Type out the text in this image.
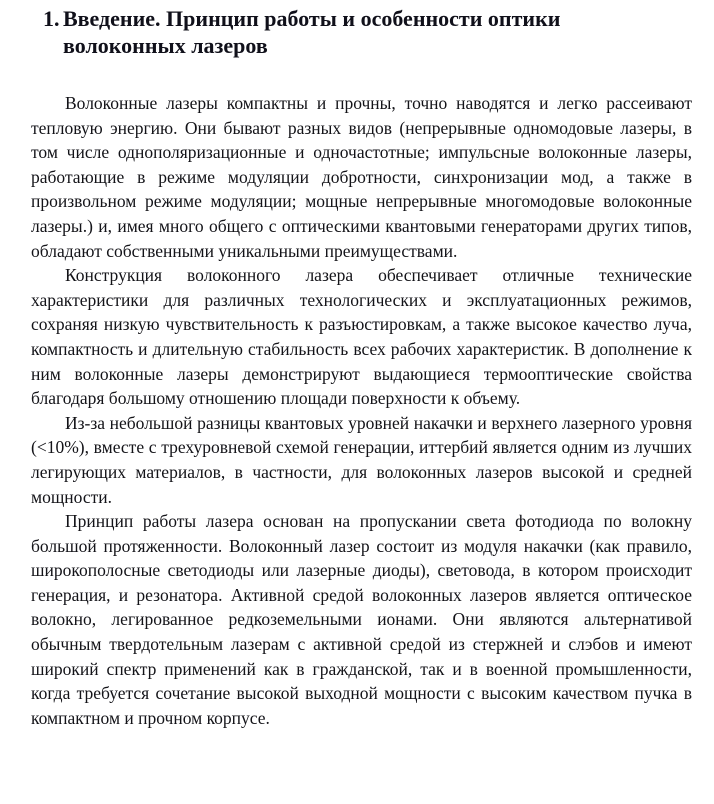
1. Введение. Принцип работы и особенности оптики
волоконных лазеров

Волоконные лазеры компактны и прочны, точно наводятся и легко рассеивают тепловую энергию. Они бывают разных видов (непрерывные одномодовые лазеры, в том числе однополяризационные и одночастотные; импульсные волоконные лазеры, работающие в режиме модуляции добротности, синхронизации мод, а также в произвольном режиме модуляции; мощные непрерывные многомодовые волоконные лазеры.) и, имея много общего с оптическими квантовыми генераторами других типов, обладают собственными уникальными преимуществами.

Конструкция волоконного лазера обеспечивает отличные технические характеристики для различных технологических и эксплуатационных режимов, сохраняя низкую чувствительность к разъюстировкам, а также высокое качество луча, компактность и длительную стабильность всех рабочих характеристик. В дополнение к ним волоконные лазеры демонстрируют выдающиеся термооптические свойства благодаря большому отношению площади поверхности к объему.

Из-за небольшой разницы квантовых уровней накачки и верхнего лазерного уровня (<10%), вместе с трехуровневой схемой генерации, иттербий является одним из лучших легирующих материалов, в частности, для волоконных лазеров высокой и средней мощности.

Принцип работы лазера основан на пропускании света фотодиода по волокну большой протяженности. Волоконный лазер состоит из модуля накачки (как правило, широкополосные светодиоды или лазерные диоды), световода, в котором происходит генерация, и резонатора. Активной средой волоконных лазеров является оптическое волокно, легированное редкоземельными ионами. Они являются альтернативой обычным твердотельным лазерам с активной средой из стержней и слэбов и имеют широкий спектр применений как в гражданской, так и в военной промышленности, когда требуется сочетание высокой выходной мощности с высоким качеством пучка в компактном и прочном корпусе.
